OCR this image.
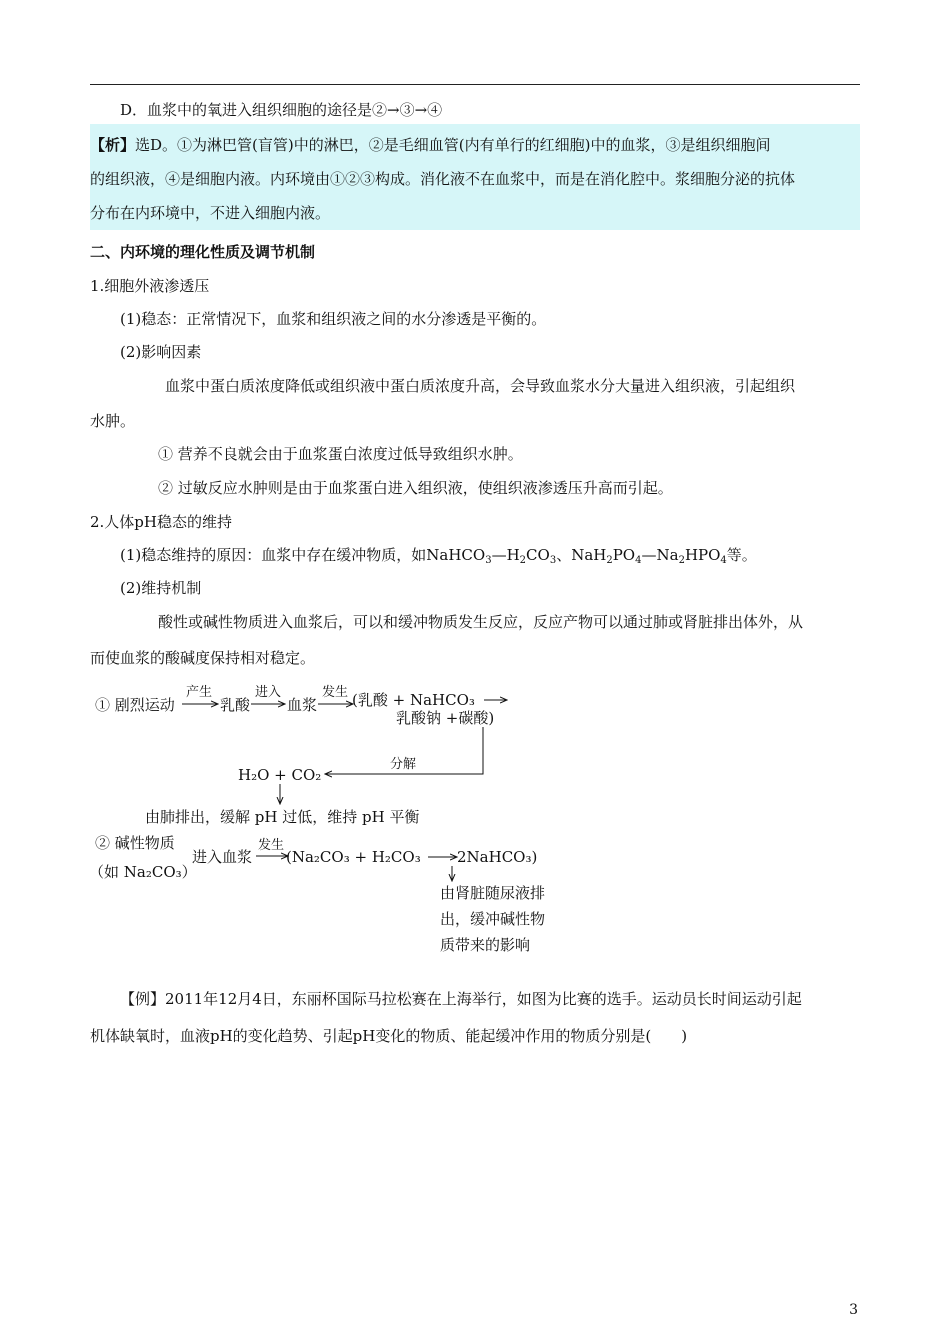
D．血浆中的氧进入组织细胞的途径是②→③→④
【析】选D。①为淋巴管(盲管)中的淋巴，②是毛细血管(内有单行的红细胞)中的血浆，③是组织细胞间
的组织液，④是细胞内液。内环境由①②③构成。消化液不在血浆中，而是在消化腔中。浆细胞分泌的抗体
分布在内环境中，不进入细胞内液。
二、内环境的理化性质及调节机制
1.细胞外液渗透压
(1)稳态：正常情况下，血浆和组织液之间的水分渗透是平衡的。
(2)影响因素
血浆中蛋白质浓度降低或组织液中蛋白质浓度升高，会导致血浆水分大量进入组织液，引起组织
水肿。
① 营养不良就会由于血浆蛋白浓度过低导致组织水肿。
② 过敏反应水肿则是由于血浆蛋白进入组织液，使组织液渗透压升高而引起。
2.人体pH稳态的维持
(1)稳态维持的原因：血浆中存在缓冲物质，如$NaHCO_3—H_2CO_3$、$NaH_2PO_4—Na_2HPO_4$等。
(2)维持机制
酸性或碱性物质进入血浆后，可以和缓冲物质发生反应，反应产物可以通过肺或肾脏排出体外，从
而使血浆的酸碱度保持相对稳定。
① 剧烈运动
产生
乳酸
进入
血浆
发生 (乳酸 + NaHCO₃
乳酸钠 +碳酸)
分解
H₂O + CO₂
由肺排出，缓解 pH 过低，维持 pH 平衡
② 碱性物质
（如 Na₂CO₃）
进入血浆
发生
(Na₂CO₃ + H₂CO₃ 2NaHCO₃)
由肾脏随尿液排
出，缓冲碱性物
质带来的影响
【例】2011年12月4日，东丽杯国际马拉松赛在上海举行，如图为比赛的选手。运动员长时间运动引起
机体缺氧时，血液pH的变化趋势、引起pH变化的物质、能起缓冲作用的物质分别是(　　)
3
